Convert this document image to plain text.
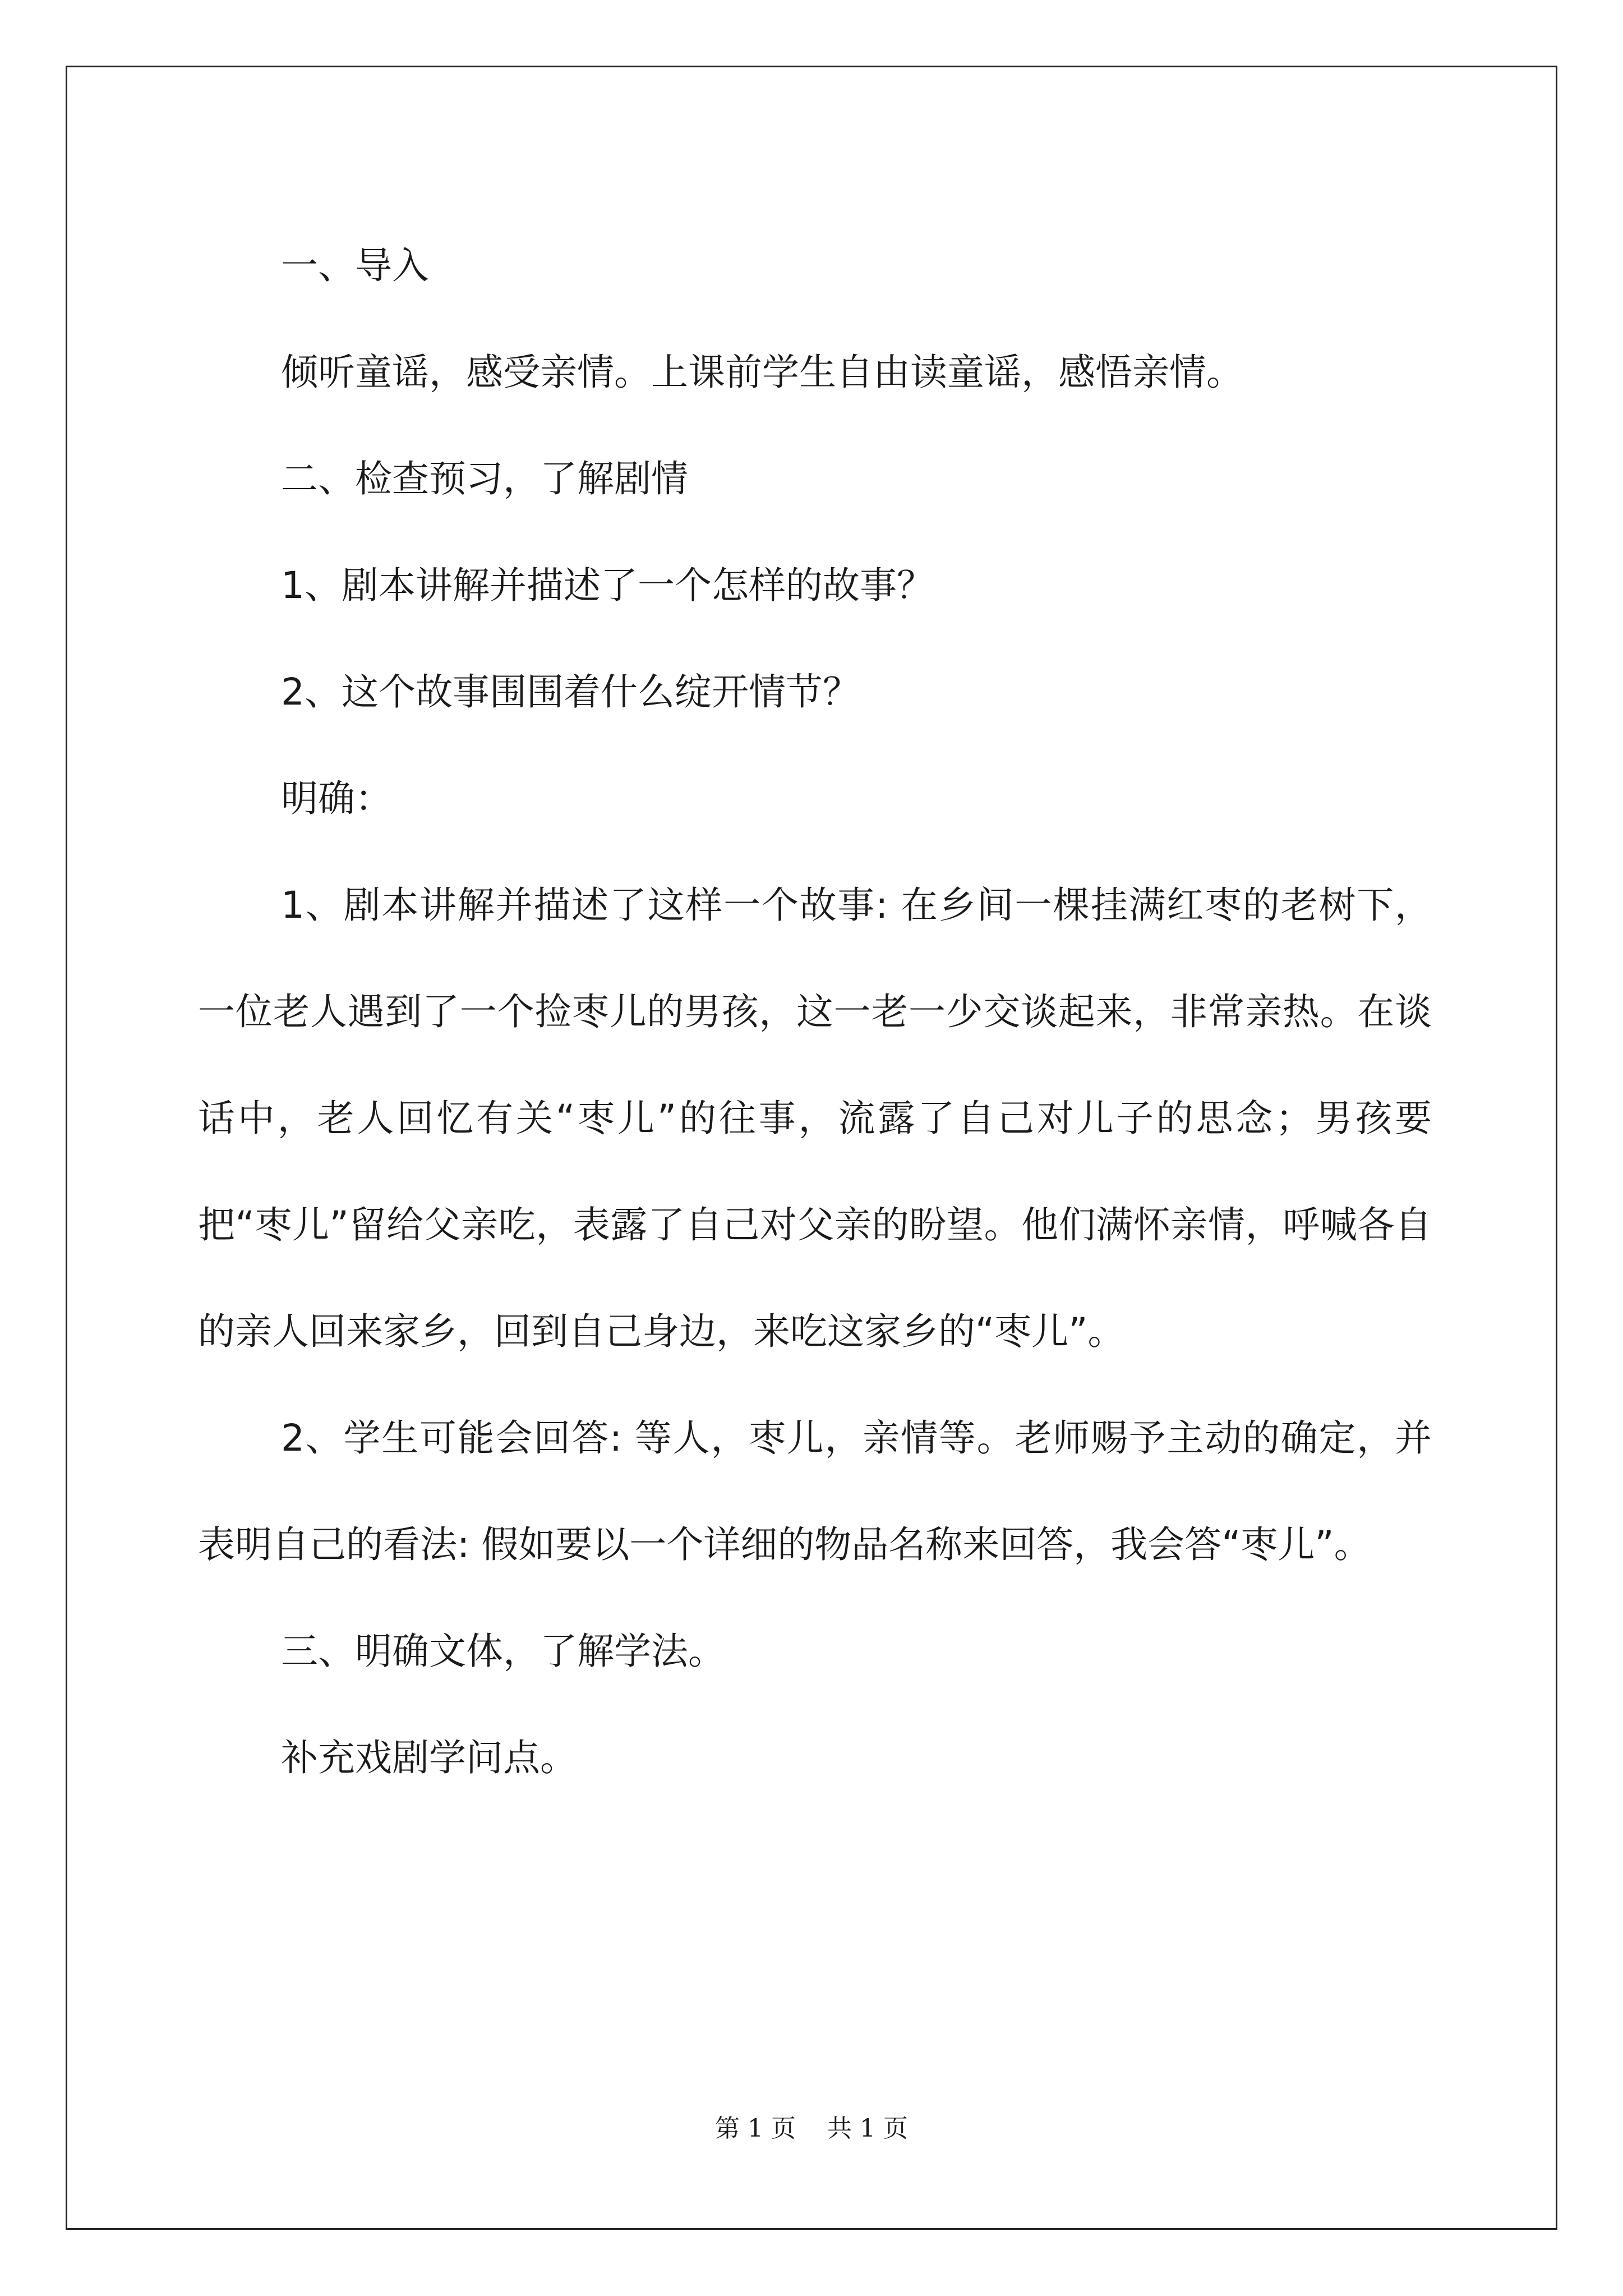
一、导入

倾听童谣，感受亲情。上课前学生自由读童谣，感悟亲情。

二、检查预习，了解剧情

1、剧本讲解并描述了一个怎样的故事？

2、这个故事围围着什么绽开情节？

明确：

1、剧本讲解并描述了这样一个故事: 在乡间一棵挂满红枣的老树下，一位老人遇到了一个捡枣儿的男孩，这一老一少交谈起来，非常亲热。在谈话中，老人回忆有关“枣儿”的往事，流露了自己对儿子的思念；男孩要把“枣儿”留给父亲吃，表露了自己对父亲的盼望。他们满怀亲情，呼喊各自的亲人回来家乡，回到自己身边，来吃这家乡的“枣儿”。

2、学生可能会回答: 等人，枣儿，亲情等。老师赐予主动的确定，并表明自己的看法: 假如要以一个详细的物品名称来回答，我会答“枣儿”。

三、明确文体，了解学法。

补充戏剧学问点。

第 1 页    共 1 页
